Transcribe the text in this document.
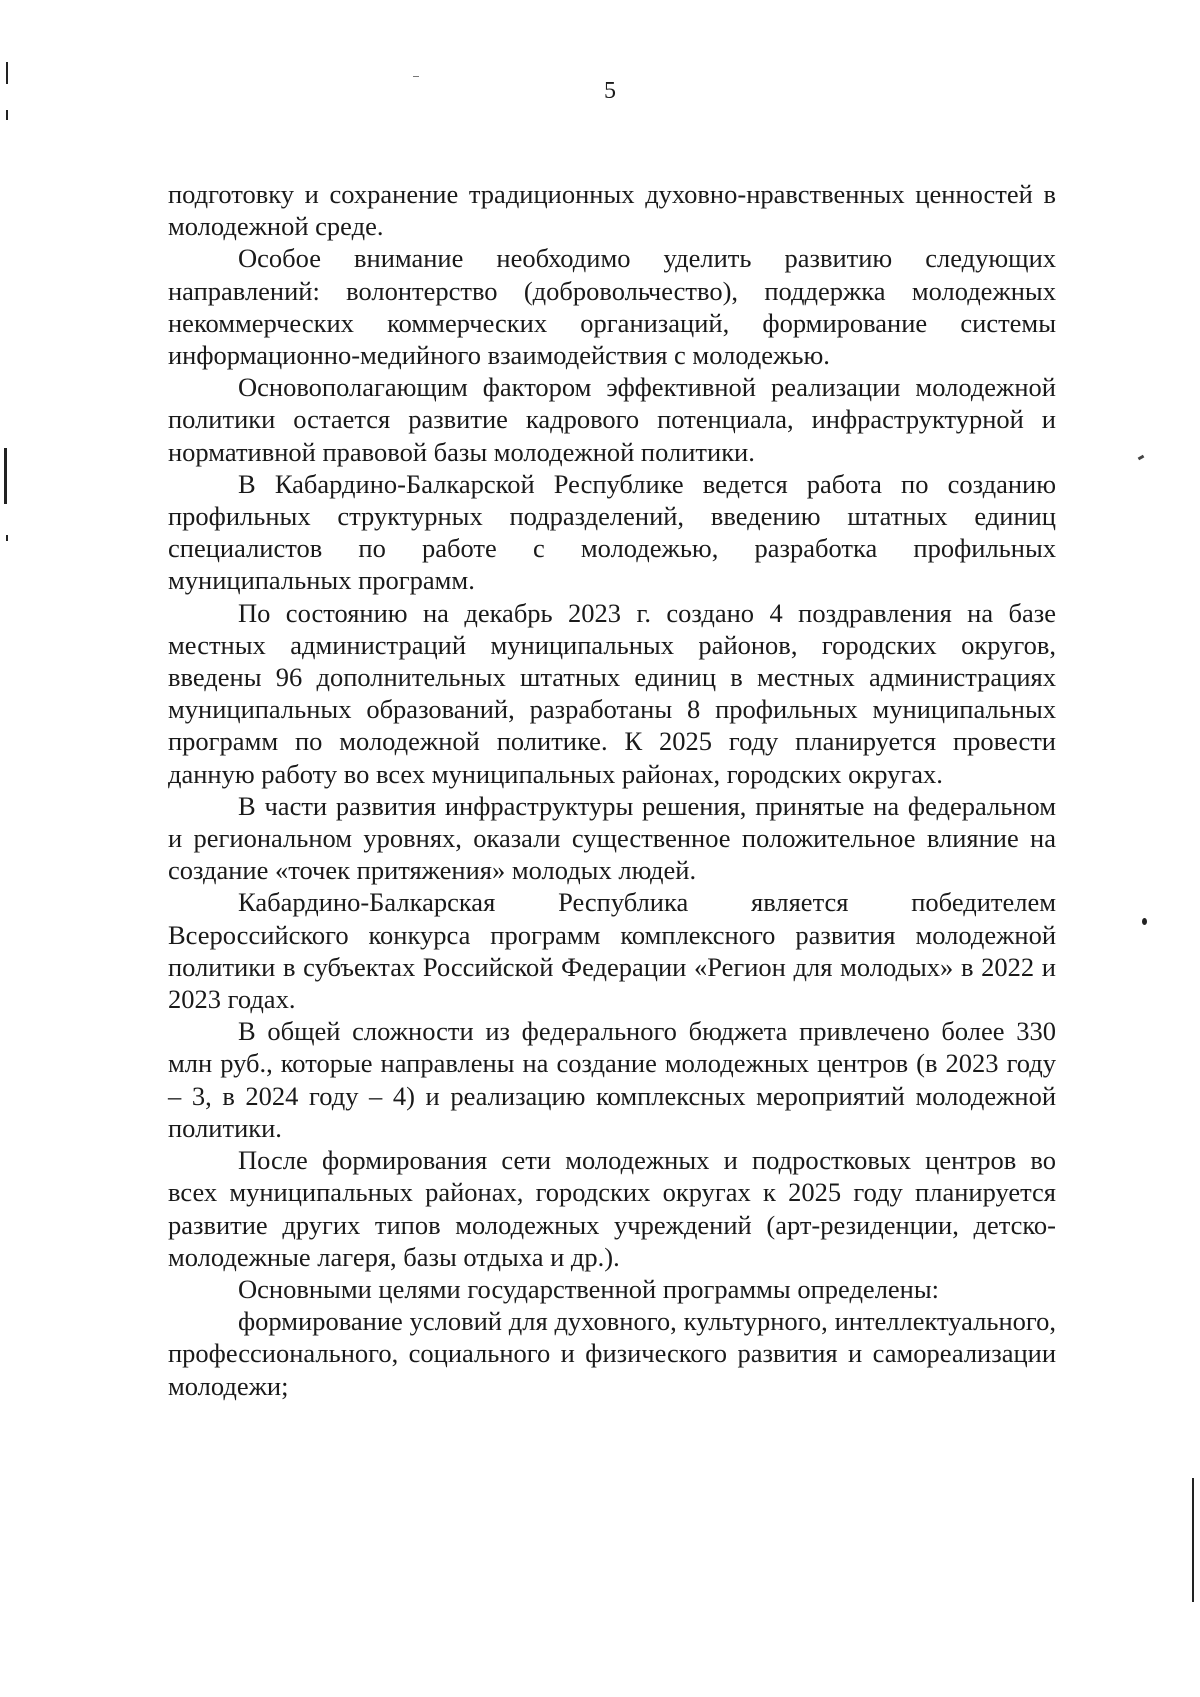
5

подготовку и сохранение традиционных духовно-нравственных ценностей в молодежной среде.

Особое внимание необходимо уделить развитию следующих направлений: волонтерство (добровольчество), поддержка молодежных некоммерческих коммерческих организаций, формирование системы информационно-медийного взаимодействия с молодежью.

Основополагающим фактором эффективной реализации молодежной политики остается развитие кадрового потенциала, инфраструктурной и нормативной правовой базы молодежной политики.

В Кабардино-Балкарской Республике ведется работа по созданию профильных структурных подразделений, введению штатных единиц специалистов по работе с молодежью, разработка профильных муниципальных программ.

По состоянию на декабрь 2023 г. создано 4 поздравления на базе местных администраций муниципальных районов, городских округов, введены 96 дополнительных штатных единиц в местных администрациях муниципальных образований, разработаны 8 профильных муниципальных программ по молодежной политике. К 2025 году планируется провести данную работу во всех муниципальных районах, городских округах.

В части развития инфраструктуры решения, принятые на федеральном и региональном уровнях, оказали существенное положительное влияние на создание «точек притяжения» молодых людей.

Кабардино-Балкарская Республика является победителем Всероссийского конкурса программ комплексного развития молодежной политики в субъектах Российской Федерации «Регион для молодых» в 2022 и 2023 годах.

В общей сложности из федерального бюджета привлечено более 330 млн руб., которые направлены на создание молодежных центров (в 2023 году – 3, в 2024 году – 4) и реализацию комплексных мероприятий молодежной политики.

После формирования сети молодежных и подростковых центров во всех муниципальных районах, городских округах к 2025 году планируется развитие других типов молодежных учреждений (арт-резиденции, детско-молодежные лагеря, базы отдыха и др.).

Основными целями государственной программы определены:

формирование условий для духовного, культурного, интеллектуального, профессионального, социального и физического развития и самореализации молодежи;
